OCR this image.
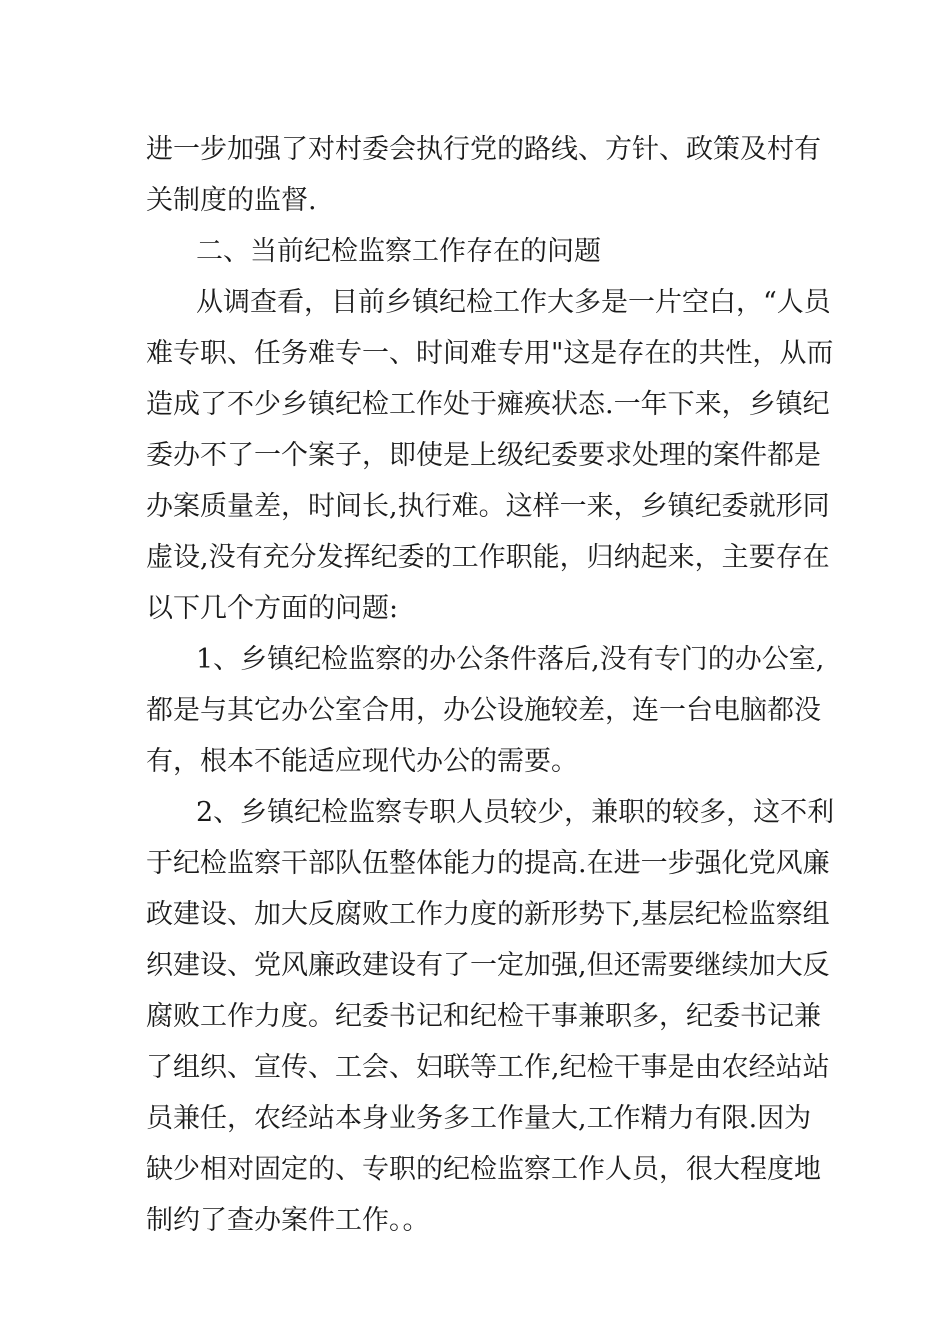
进一步加强了对村委会执行党的路线、方针、政策及村有
关制度的监督.
二、当前纪检监察工作存在的问题
从调查看，目前乡镇纪检工作大多是一片空白，“人员
难专职、任务难专一、时间难专用"这是存在的共性，从而
造成了不少乡镇纪检工作处于瘫痪状态.一年下来，乡镇纪
委办不了一个案子，即使是上级纪委要求处理的案件都是
办案质量差，时间长,执行难。这样一来，乡镇纪委就形同
虚设,没有充分发挥纪委的工作职能，归纳起来，主要存在
以下几个方面的问题:
1、乡镇纪检监察的办公条件落后,没有专门的办公室,
都是与其它办公室合用，办公设施较差，连一台电脑都没
有，根本不能适应现代办公的需要。
2、乡镇纪检监察专职人员较少，兼职的较多，这不利
于纪检监察干部队伍整体能力的提高.在进一步强化党风廉
政建设、加大反腐败工作力度的新形势下,基层纪检监察组
织建设、党风廉政建设有了一定加强,但还需要继续加大反
腐败工作力度。纪委书记和纪检干事兼职多，纪委书记兼
了组织、宣传、工会、妇联等工作,纪检干事是由农经站站
员兼任，农经站本身业务多工作量大,工作精力有限.因为
缺少相对固定的、专职的纪检监察工作人员，很大程度地
制约了查办案件工作。。
